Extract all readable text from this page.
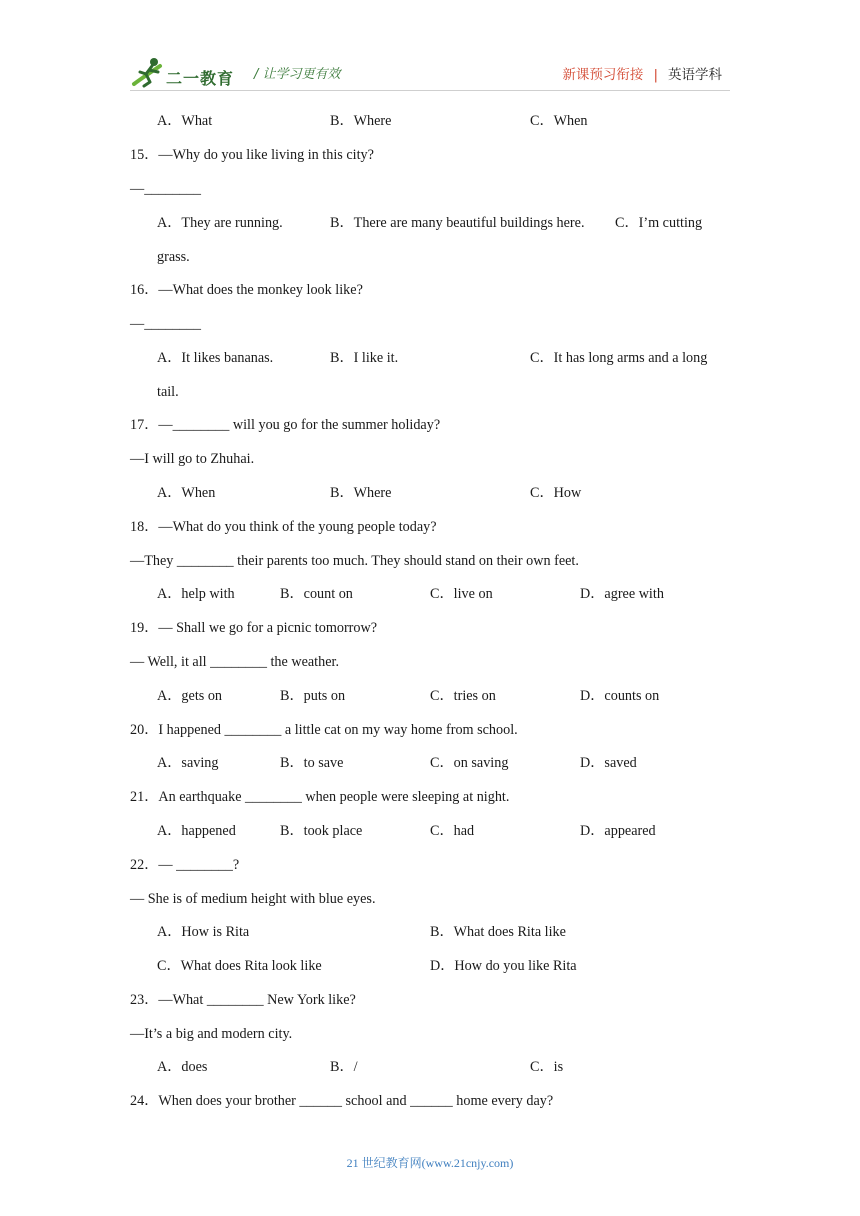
二一教育 / 让学习更有效	新课预习衔接 | 英语学科
A．What	B．Where	C．When
15．—Why do you like living in this city?
—________
A．They are running.	B．There are many beautiful buildings here. C．I’m cutting
grass.
16．—What does the monkey look like?
—________
A．It likes bananas.	B．I like it.	C．It has long arms and a long
tail.
17．—________ will you go for the summer holiday?
—I will go to Zhuhai.
A．When	B．Where	C．How
18．—What do you think of the young people today?
—They ________ their parents too much. They should stand on their own feet.
A．help with	B．count on	C．live on	D．agree with
19．— Shall we go for a picnic tomorrow?
— Well, it all ________ the weather.
A．gets on	B．puts on	C．tries on	D．counts on
20．I happened ________ a little cat on my way home from school.
A．saving	B．to save	C．on saving	D．saved
21．An earthquake ________ when people were sleeping at night.
A．happened	B．took place	C．had	D．appeared
22．— ________?
— She is of medium height with blue eyes.
A．How is Rita	B．What does Rita like
C．What does Rita look like	D．How do you like Rita
23．—What ________ New York like?
—It’s a big and modern city.
A．does	B．/	C．is
24．When does your brother ______ school and ______ home every day?
21 世纪教育网(www.21cnjy.com)
